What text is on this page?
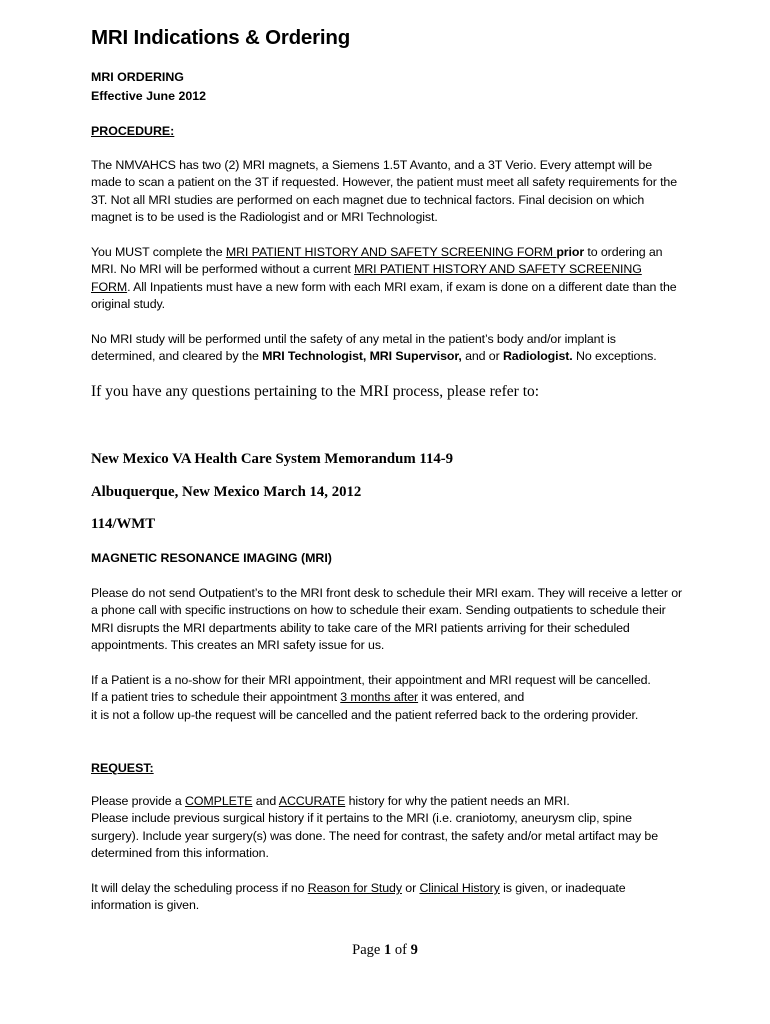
MRI Indications & Ordering
MRI ORDERING
Effective June 2012
PROCEDURE:
The NMVAHCS has two (2) MRI magnets, a Siemens 1.5T Avanto, and a 3T Verio. Every attempt will be made to scan a patient on the 3T if requested. However, the patient must meet all safety requirements for the 3T. Not all MRI studies are performed on each magnet due to technical factors. Final decision on which magnet is to be used is the Radiologist and or MRI Technologist.
You MUST complete the MRI PATIENT HISTORY AND SAFETY SCREENING FORM prior to ordering an MRI. No MRI will be performed without a current MRI PATIENT HISTORY AND SAFETY SCREENING FORM. All Inpatients must have a new form with each MRI exam, if exam is done on a different date than the original study.
No MRI study will be performed until the safety of any metal in the patient’s body and/or implant is determined, and cleared by the MRI Technologist, MRI Supervisor, and or Radiologist. No exceptions.
If you have any questions pertaining to the MRI process, please refer to:
New Mexico VA Health Care System Memorandum 114-9
Albuquerque, New Mexico March 14, 2012
114/WMT
MAGNETIC RESONANCE IMAGING (MRI)
Please do not send Outpatient’s to the MRI front desk to schedule their MRI exam. They will receive a letter or a phone call with specific instructions on how to schedule their exam. Sending outpatients to schedule their MRI disrupts the MRI departments ability to take care of the MRI patients arriving for their scheduled appointments. This creates an MRI safety issue for us.
If a Patient is a no-show for their MRI appointment, their appointment and MRI request will be cancelled.
If a patient tries to schedule their appointment 3 months after it was entered, and
it is not a follow up-the request will be cancelled and the patient referred back to the ordering provider.
REQUEST:
Please provide a COMPLETE and ACCURATE history for why the patient needs an MRI.
Please include previous surgical history if it pertains to the MRI (i.e. craniotomy, aneurysm clip, spine surgery). Include year surgery(s) was done. The need for contrast, the safety and/or metal artifact may be determined from this information.
It will delay the scheduling process if no Reason for Study or Clinical History is given, or inadequate information is given.
Page 1 of 9
